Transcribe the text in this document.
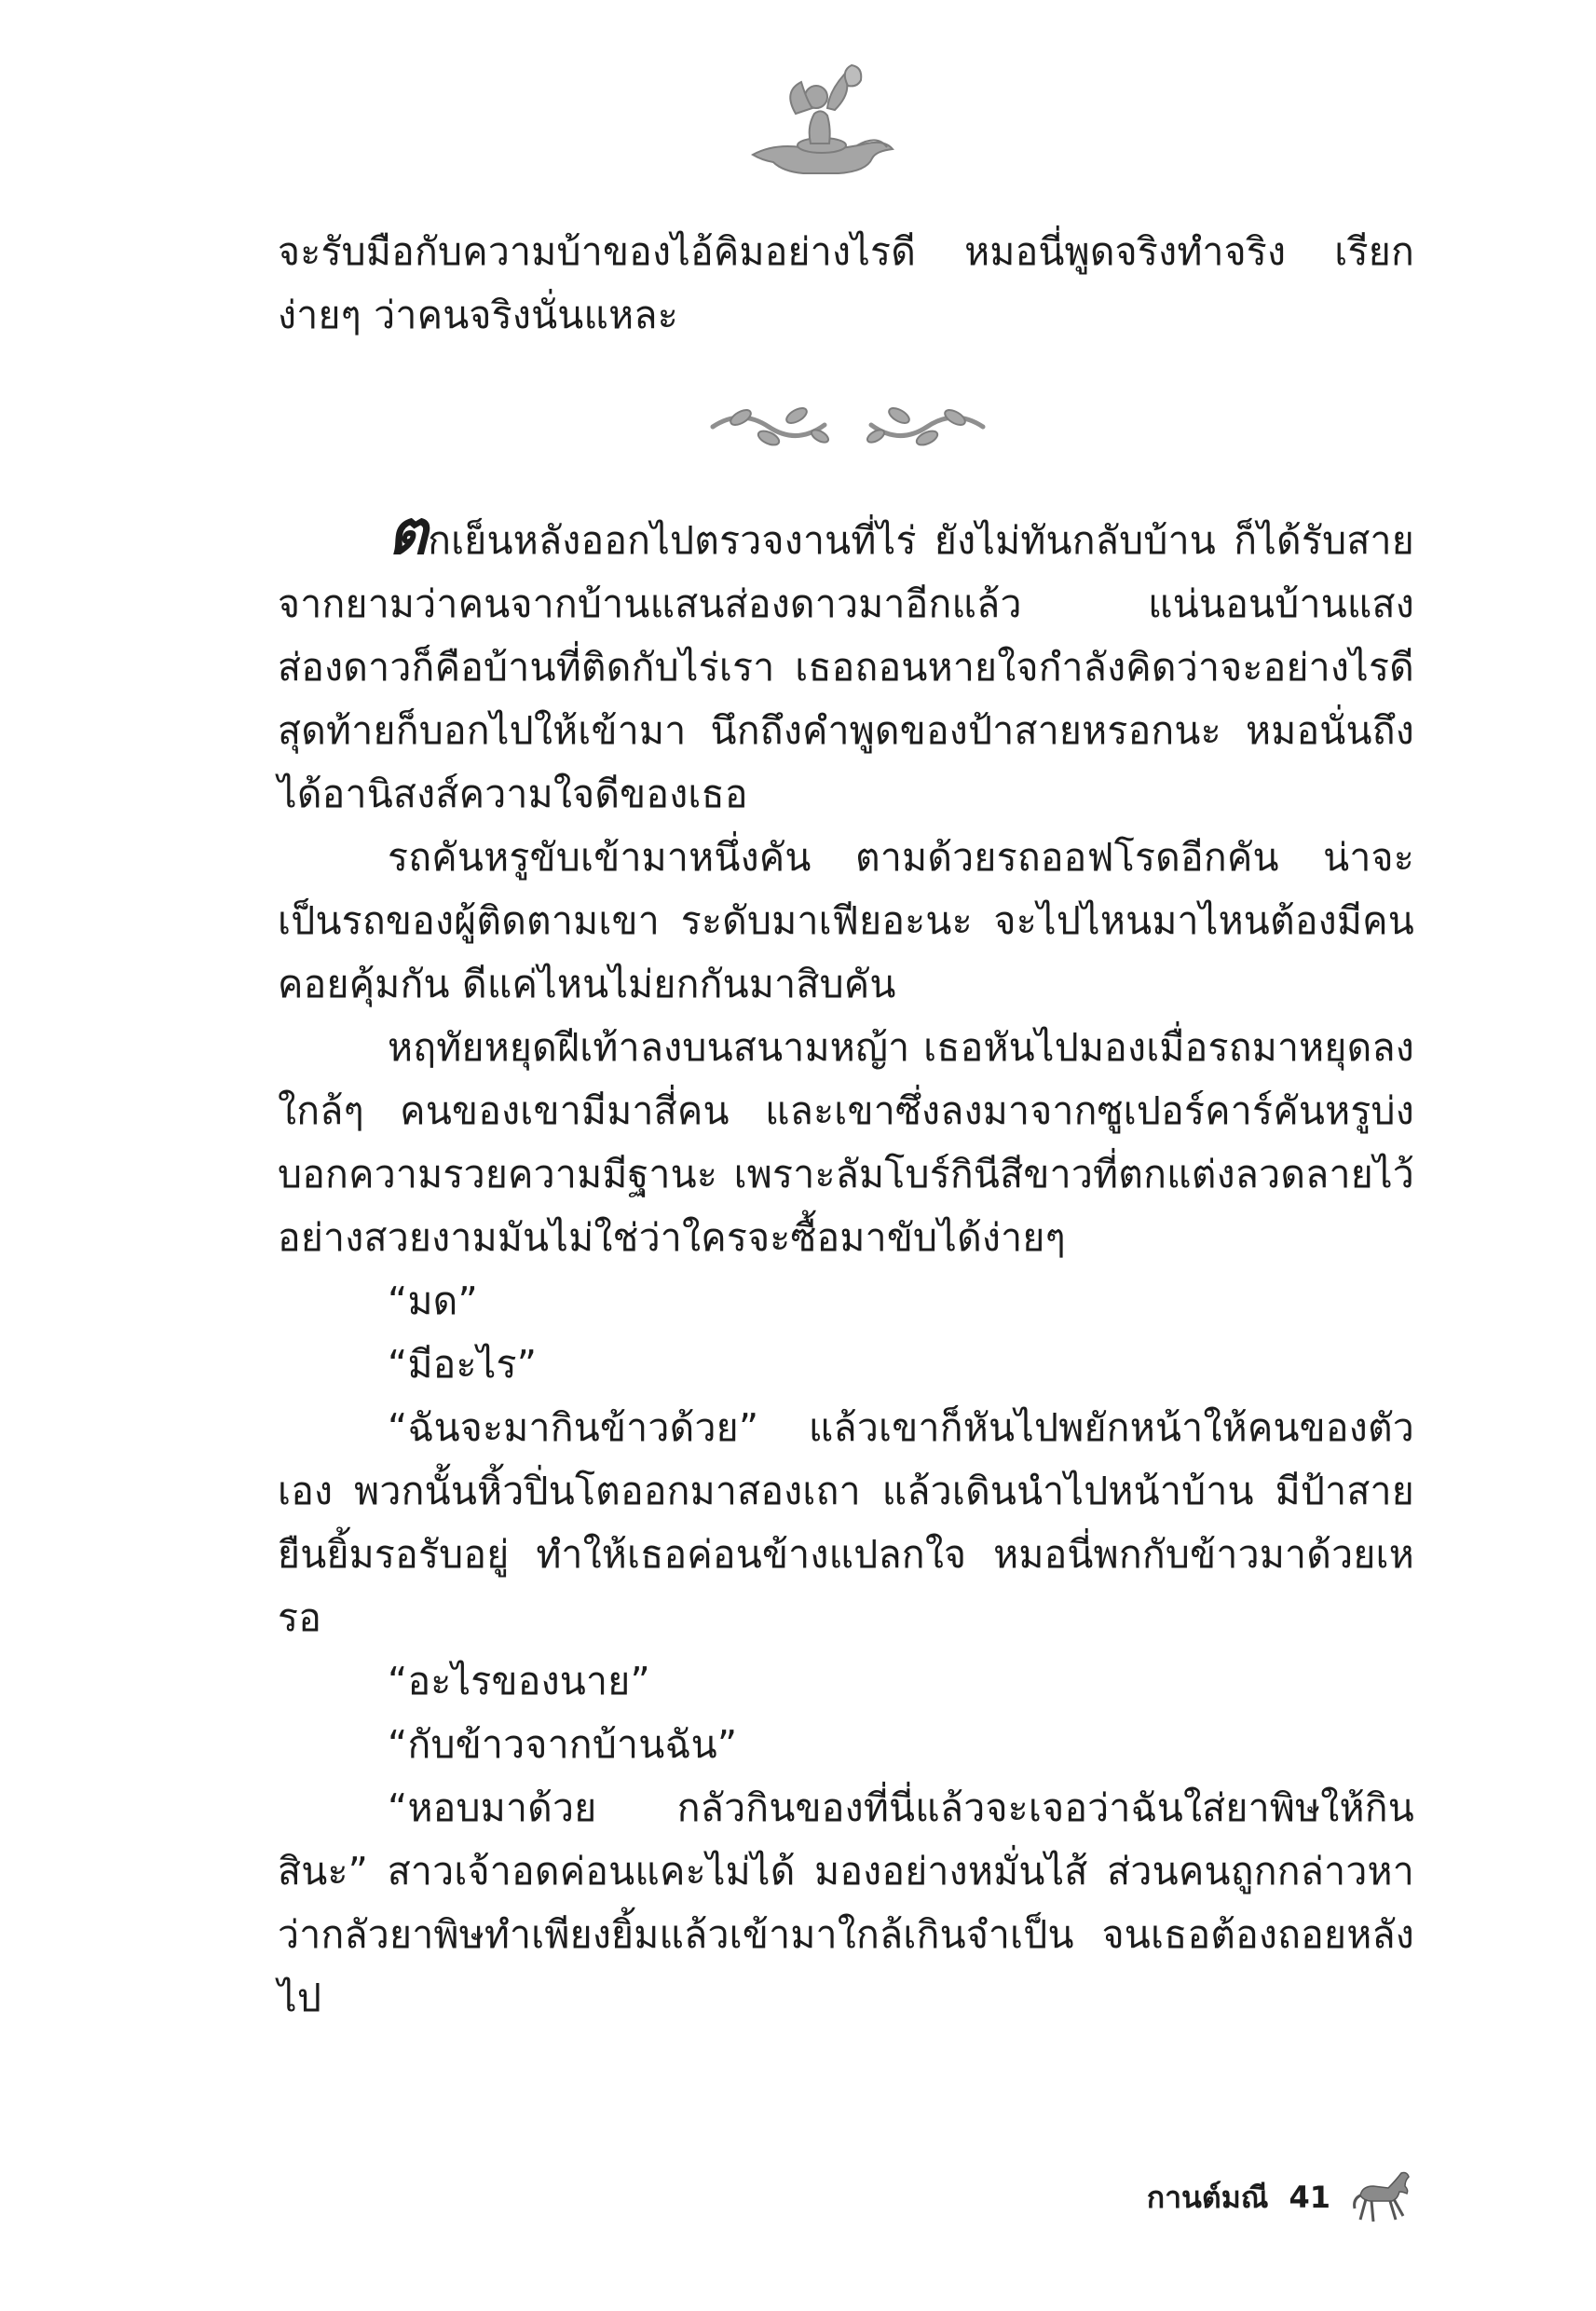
จะรับมือกับความบ้าของไอ้คิมอย่างไรดี หมอนี่พูดจริงทำจริง เรียกง่ายๆ ว่าคนจริงนั่นแหละ

ตกเย็นหลังออกไปตรวจงานที่ไร่ ยังไม่ทันกลับบ้าน ก็ได้รับสายจากยามว่าคนจากบ้านแสนส่องดาวมาอีกแล้ว แน่นอนบ้านแสงส่องดาวก็คือบ้านที่ติดกับไร่เรา เธอถอนหายใจกำลังคิดว่าจะอย่างไรดี สุดท้ายก็บอกไปให้เข้ามา นึกถึงคำพูดของป้าสายหรอกนะ หมอนั่นถึงได้อานิสงส์ความใจดีของเธอ

รถคันหรูขับเข้ามาหนึ่งคัน ตามด้วยรถออฟโรดอีกคัน น่าจะเป็นรถของผู้ติดตามเขา ระดับมาเฟียอะนะ จะไปไหนมาไหนต้องมีคนคอยคุ้มกัน ดีแค่ไหนไม่ยกกันมาสิบคัน

หฤทัยหยุดฝีเท้าลงบนสนามหญ้า เธอหันไปมองเมื่อรถมาหยุดลงใกล้ๆ คนของเขามีมาสี่คน และเขาซึ่งลงมาจากซูเปอร์คาร์คันหรูบ่งบอกความรวยความมีฐานะ เพราะลัมโบร์กินีสีขาวที่ตกแต่งลวดลายไว้อย่างสวยงามมันไม่ใช่ว่าใครจะซื้อมาขับได้ง่ายๆ

“มด”

“มีอะไร”

“ฉันจะมากินข้าวด้วย” แล้วเขาก็หันไปพยักหน้าให้คนของตัวเอง พวกนั้นหิ้วปิ่นโตออกมาสองเถา แล้วเดินนำไปหน้าบ้าน มีป้าสายยืนยิ้มรอรับอยู่ ทำให้เธอค่อนข้างแปลกใจ หมอนี่พกกับข้าวมาด้วยเหรอ

“อะไรของนาย”

“กับข้าวจากบ้านฉัน”

“หอบมาด้วย กลัวกินของที่นี่แล้วจะเจอว่าฉันใส่ยาพิษให้กินสินะ” สาวเจ้าอดค่อนแคะไม่ได้ มองอย่างหมั่นไส้ ส่วนคนถูกกล่าวหาว่ากลัวยาพิษทำเพียงยิ้มแล้วเข้ามาใกล้เกินจำเป็น จนเธอต้องถอยหลังไป

กานต์มณี 41
